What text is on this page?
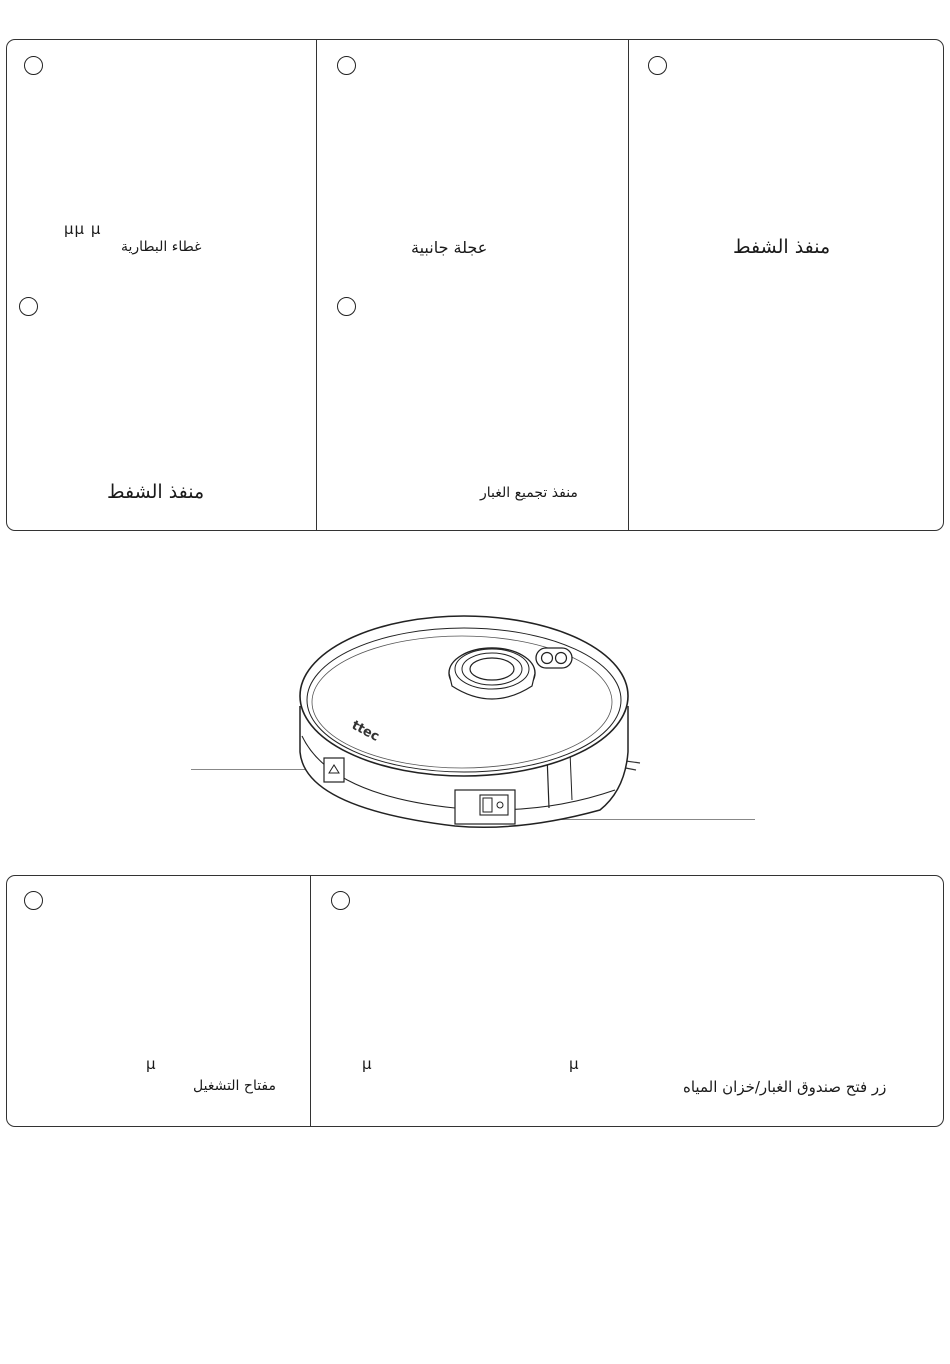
µµ µ
غطاء البطارية	عجلة جانبية	منفذ الشفط
منفذ الشفط	منفذ تجميع الغبار
ttec
µ
مفتاح التشغيل
µ	µ
زر فتح صندوق الغبار/خزان المياه
